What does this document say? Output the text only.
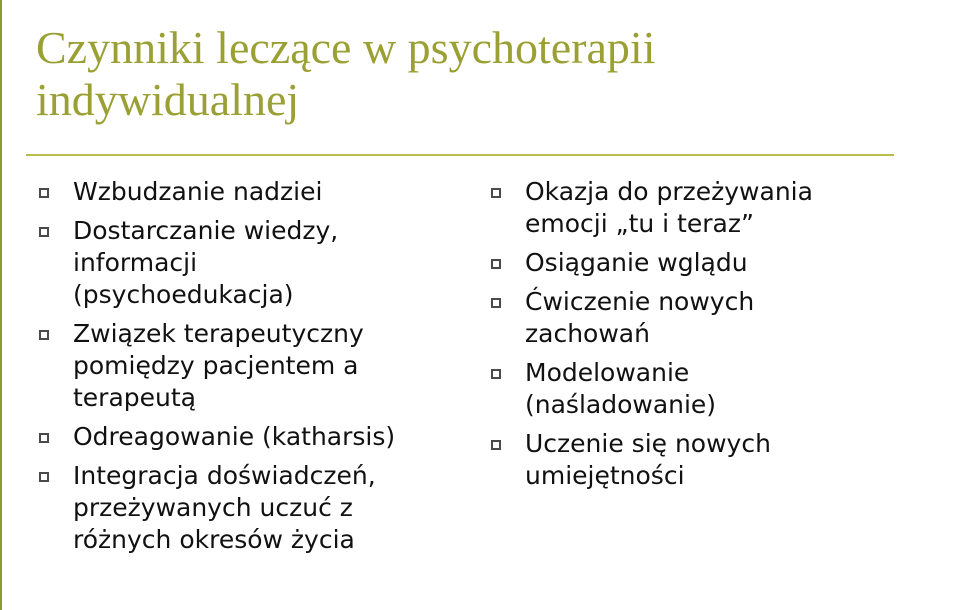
Czynniki leczące w psychoterapii
indywidualnej
Wzbudzanie nadziei
Dostarczanie wiedzy,
informacji
(psychoedukacja)
Związek terapeutyczny
pomiędzy pacjentem a
terapeutą
Odreagowanie (katharsis)
Integracja doświadczeń,
przeżywanych uczuć z
różnych okresów życia
Okazja do przeżywania
emocji „tu i teraz”
Osiąganie wglądu
Ćwiczenie nowych
zachowań
Modelowanie
(naśladowanie)
Uczenie się nowych
umiejętności
